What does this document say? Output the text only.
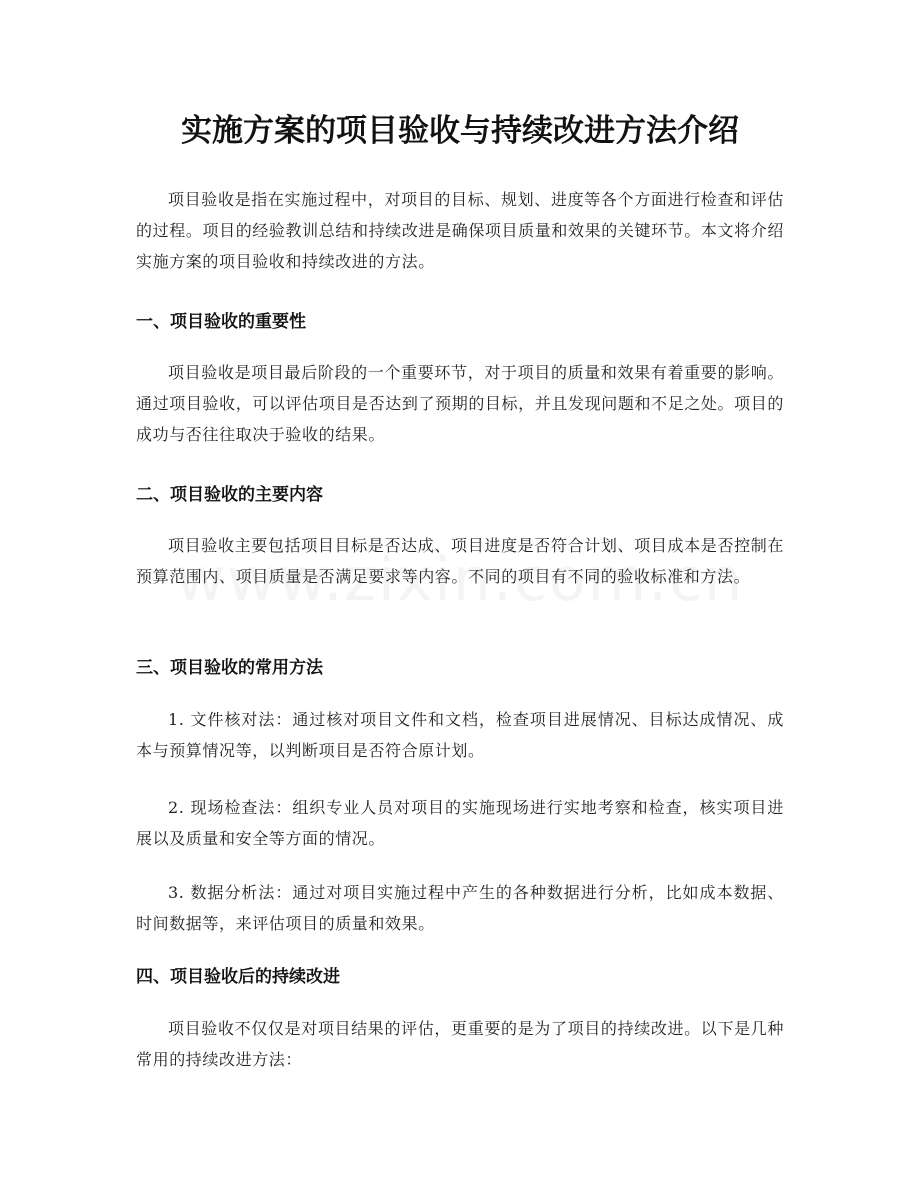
实施方案的项目验收与持续改进方法介绍

项目验收是指在实施过程中，对项目的目标、规划、进度等各个方面进行检查和评估的过程。项目的经验教训总结和持续改进是确保项目质量和效果的关键环节。本文将介绍实施方案的项目验收和持续改进的方法。

一、项目验收的重要性

项目验收是项目最后阶段的一个重要环节，对于项目的质量和效果有着重要的影响。通过项目验收，可以评估项目是否达到了预期的目标，并且发现问题和不足之处。项目的成功与否往往取决于验收的结果。

二、项目验收的主要内容

项目验收主要包括项目目标是否达成、项目进度是否符合计划、项目成本是否控制在预算范围内、项目质量是否满足要求等内容。不同的项目有不同的验收标准和方法。

三、项目验收的常用方法

1. 文件核对法：通过核对项目文件和文档，检查项目进展情况、目标达成情况、成本与预算情况等，以判断项目是否符合原计划。

2. 现场检查法：组织专业人员对项目的实施现场进行实地考察和检查，核实项目进展以及质量和安全等方面的情况。

3. 数据分析法：通过对项目实施过程中产生的各种数据进行分析，比如成本数据、时间数据等，来评估项目的质量和效果。

四、项目验收后的持续改进

项目验收不仅仅是对项目结果的评估，更重要的是为了项目的持续改进。以下是几种常用的持续改进方法：
